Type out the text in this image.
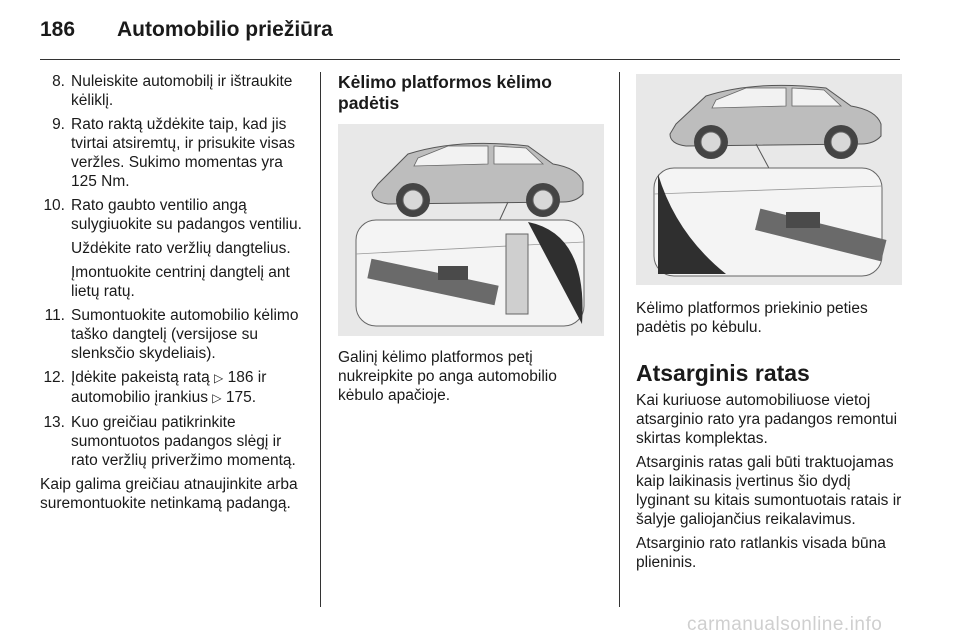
186 Automobilio priežiūra
8. Nuleiskite automobilį ir ištraukite kėliklį.
9. Rato raktą uždėkite taip, kad jis tvirtai atsiremtų, ir prisukite visas veržles. Sukimo momentas yra 125 Nm.
10. Rato gaubto ventilio angą sulygiuokite su padangos ventiliu.
Uždėkite rato veržlių dangtelius.
Įmontuokite centrinį dangtelį ant lietų ratų.
11. Sumontuokite automobilio kėlimo taško dangtelį (versijose su slenksčio skydeliais).
12. Įdėkite pakeistą ratą ▷ 186 ir automobilio įrankius ▷ 175.
13. Kuo greičiau patikrinkite sumontuotos padangos slėgį ir rato veržlių priveržimo momentą.

Kaip galima greičiau atnaujinkite arba suremontuokite netinkamą padangą.

Kėlimo platformos kėlimo padėtis

Galinį kėlimo platformos petį nukreipkite po anga automobilio kėbulo apačioje.

Kėlimo platformos priekinio peties padėtis po kėbulu.

Atsarginis ratas

Kai kuriuose automobiliuose vietoj atsarginio rato yra padangos remontui skirtas komplektas.

Atsarginis ratas gali būti traktuojamas kaip laikinasis įvertinus šio dydį lyginant su kitais sumontuotais ratais ir šalyje galiojančius reikalavimus.

Atsarginio rato ratlankis visada būna plieninis.

carmanualsonline.info
